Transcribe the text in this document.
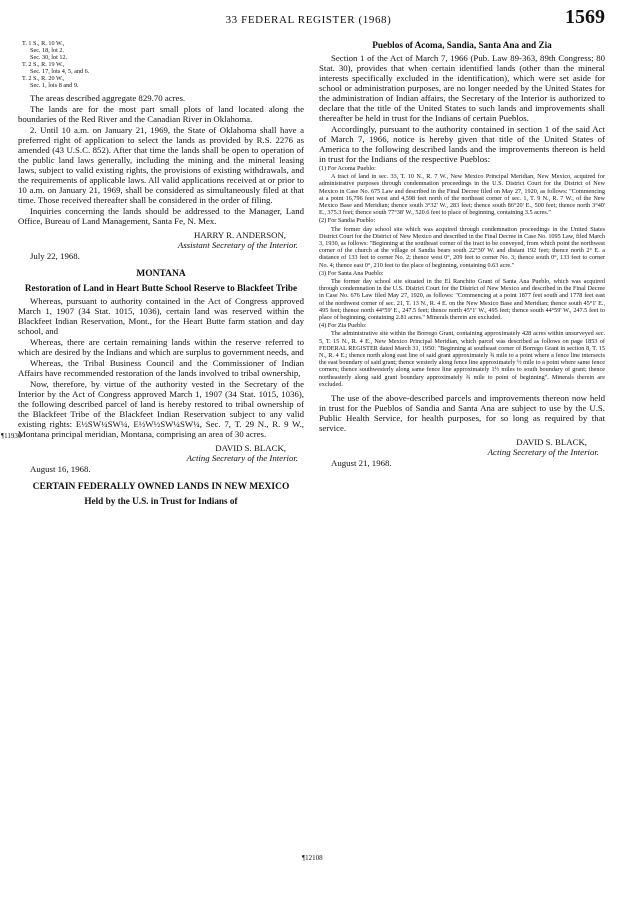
33 FEDERAL REGISTER (1968)	1569

T. 1 S., R. 10 W.,

Sec. 18, lot 2.

Sec. 30, lot 12.

T. 2 S., R. 19 W.,

Sec. 17, lots 4, 5, and 6.

T. 2 S., R. 20 W.,

Sec. 1, lots 8 and 9.

The areas described aggregate 829.70 acres.

The lands are for the most part small plots of land located along the boundaries of the Red River and the Canadian River in Oklahoma.

2. Until 10 a.m. on January 21, 1969, the State of Oklahoma shall have a preferred right of application to select the lands as provided by R.S. 2276 as amended (43 U.S.C. 852). After that time the lands shall be open to operation of the public land laws generally, including the mining and the mineral leasing laws, subject to valid existing rights, the provisions of existing withdrawals, and the requirements of applicable laws. All valid applications received at or prior to 10 a.m. on January 21, 1969, shall be considered as simultaneously filed at that time. Those received thereafter shall be considered in the order of filing.

Inquiries concerning the lands should be addressed to the Manager, Land Office, Bureau of Land Management, Santa Fe, N. Mex.

HARRY R. ANDERSON,
Assistant Secretary of the Interior.
July 22, 1968.
MONTANA
Restoration of Land in Heart Butte School Reserve to Blackfeet Tribe

Whereas, pursuant to authority contained in the Act of Congress approved March 1, 1907 (34 Stat. 1015, 1036), certain land was reserved within the Blackfeet Indian Reservation, Mont., for the Heart Butte farm station and day school, and

Whereas, there are certain remaining lands within the reserve referred to which are desired by the Indians and which are surplus to government needs, and

Whereas, the Tribal Business Council and the Commissioner of Indian Affairs have recommended restoration of the lands involved to tribal ownership,

Now, therefore, by virtue of the authority vested in the Secretary of the Interior by the Act of Congress approved March 1, 1907 (34 Stat. 1015, 1036), the following described parcel of land is hereby restored to tribal ownership of the Blackfeet Tribe of the Blackfeet Indian Reservation subject to any valid existing rights: E½SW¼SW¼, E½W½SW¼SW¼, Sec. 7, T. 29 N., R. 9 W., Montana principal meridian, Montana, comprising an area of 30 acres.

DAVID S. BLACK,
Acting Secretary of the Interior.
August 16, 1968.
CERTAIN FEDERALLY OWNED LANDS IN NEW MEXICO
Held by the U.S. in Trust for Indians of
¶11936
¶12108
Pueblos of Acoma, Sandia, Santa Ana and Zia

Section 1 of the Act of March 7, 1966 (Pub. Law 89-363, 89th Congress; 80 Stat. 30), provides that when certain identified lands (other than the mineral interests specifically excluded in the identification), which were set aside for school or administration purposes, are no longer needed by the United States for the administration of Indian affairs, the Secretary of the Interior is authorized to declare that the title of the United States to such lands and improvements shall thereafter be held in trust for the Indians of certain Pueblos.

Accordingly, pursuant to the authority contained in section 1 of the said Act of March 7, 1966, notice is hereby given that title of the United States of America to the following described lands and the improvements thereon is held in trust for the Indians of the respective Pueblos:

(1) For Acoma Pueblo:

A tract of land in sec. 33, T. 10 N., R. 7 W., New Mexico Principal Meridian, New Mexico, acquired for administrative purposes through condemnation proceedings in the U.S. District Court for the District of New Mexico in Case No. 675 Law and described in the Final Decree filed on May 27, 1920, as follows: "Commencing at a point 16,796 feet west and 4,598 feet north of the northeast corner of sec. 1, T. 9 N., R. 7 W., of the New Mexico Base and Meridian; thence south 3°32' W., 283 feet; thence south 86°20' E., 500 feet; thence north 3°40' E., 375.3 feet; thence south 77°38' W., 520.6 feet to place of beginning, containing 3.5 acres."

(2) For Sandia Pueblo:

The former day school site which was acquired through condemnation proceedings in the United States District Court for the District of New Mexico and described in the Final Decree in Case No. 1095 Law, filed March 3, 1930, as follows: "Beginning at the southeast corner of the tract to be conveyed, from which point the northwest corner of the church at the village of Sandia bears south 22°30' W. and distant 192 feet; thence north 2° E. a distance of 133 feet to corner No. 2; thence west 0°, 209 feet to corner No. 3; thence south 0°, 133 feet to corner No. 4; thence east 0°, 210 feet to the place of beginning, containing 0.63 acre."

(3) For Santa Ana Pueblo:

The former day school site situated in the El Ranchito Grant of Santa Ana Pueblo, which was acquired through condemnation in the U.S. District Court for the District of New Mexico and described in the Final Decree in Case No. 676 Law filed May 27, 1920, as follows: "Commencing at a point 1877 feet south and 1778 feet east of the northwest corner of sec. 21, T. 13 N., R. 4 E. on the New Mexico Base and Meridian; thence south 45°1' E., 495 feet; thence north 44°59' E., 247.5 feet; thence north 45°1' W., 495 feet; thence south 44°59' W., 247.5 feet to place of beginning, containing 2.81 acres." Minerals therein are excluded.

(4) For Zia Pueblo:

The administrative site within the Borrego Grant, containing approximately 428 acres within unsurveyed sec. 5, T. 15 N., R. 4 E., New Mexico Principal Meridian, which parcel was described as follows on page 1853 of FEDERAL REGISTER dated March 31, 1950: "Beginning at southeast corner of Borrego Grant in section 8, T. 15 N., R. 4 E.; thence north along east line of said grant approximately ¾ mile to a point where a fence line intersects the east boundary of said grant; thence westerly along fence line approximately ½ mile to a point where same fence corners; thence southwesterly along same fence line approximately 1½ miles to south boundary of grant; thence northeasterly along said grant boundary approximately ¾ mile to point of beginning". Minerals therein are excluded.

The use of the above-described parcels and improvements thereon now held in trust for the Pueblos of Sandia and Santa Ana are subject to use by the U.S. Public Health Service, for health purposes, for so long as required by that service.

DAVID S. BLACK,
Acting Secretary of the Interior.
August 21, 1968.
